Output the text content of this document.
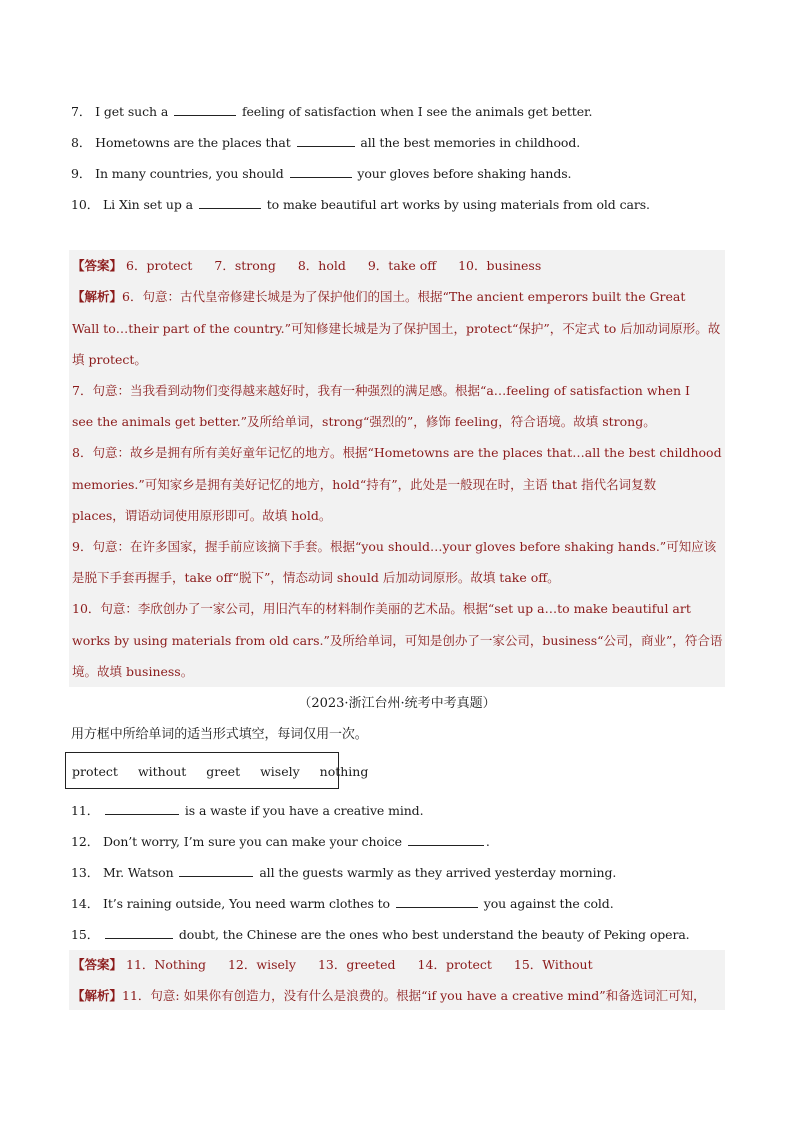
7． I get such a	feeling of satisfaction when I see the animals get better.
8． Hometowns are the places that	all the best memories in childhood.
9． In many countries, you should	your gloves before shaking hands.
10． Li Xin set up a	to make beautiful art works by using materials from old cars.
【答案】 6．protect 7．strong 8．hold 9．take off 10．business
【解析】6．句意：古代皇帝修建长城是为了保护他们的国土。根据“The ancient emperors built the Great
Wall to…their part of the country.”可知修建长城是为了保护国土，protect“保护”，不定式 to 后加动词原形。故
填 protect。
7．句意：当我看到动物们变得越来越好时，我有一种强烈的满足感。根据“a…feeling of satisfaction when I
see the animals get better.”及所给单词，strong“强烈的”，修饰 feeling，符合语境。故填 strong。
8．句意：故乡是拥有所有美好童年记忆的地方。根据“Hometowns are the places that…all the best childhood
memories.”可知家乡是拥有美好记忆的地方，hold“持有”，此处是一般现在时，主语 that 指代名词复数
places，谓语动词使用原形即可。故填 hold。
9．句意：在许多国家，握手前应该摘下手套。根据“you should…your gloves before shaking hands.”可知应该
是脱下手套再握手，take off“脱下”，情态动词 should 后加动词原形。故填 take off。
10．句意：李欣创办了一家公司，用旧汽车的材料制作美丽的艺术品。根据“set up a…to make beautiful art
works by using materials from old cars.”及所给单词，可知是创办了一家公司，business“公司，商业”，符合语
境。故填 business。
（2023·浙江台州·统考中考真题）
用方框中所给单词的适当形式填空，每词仅用一次。
protect without greet wisely nothing
11．	is a waste if you have a creative mind.
12． Don’t worry, I’m sure you can make your choice	.
13． Mr. Watson	all the guests warmly as they arrived yesterday morning.
14． It’s raining outside, You need warm clothes to	you against the cold.
15．	doubt, the Chinese are the ones who best understand the beauty of Peking opera.
【答案】 11．Nothing 12．wisely 13．greeted 14．protect 15．Without
【解析】11．句意: 如果你有创造力，没有什么是浪费的。根据“if you have a creative mind”和备选词汇可知，
